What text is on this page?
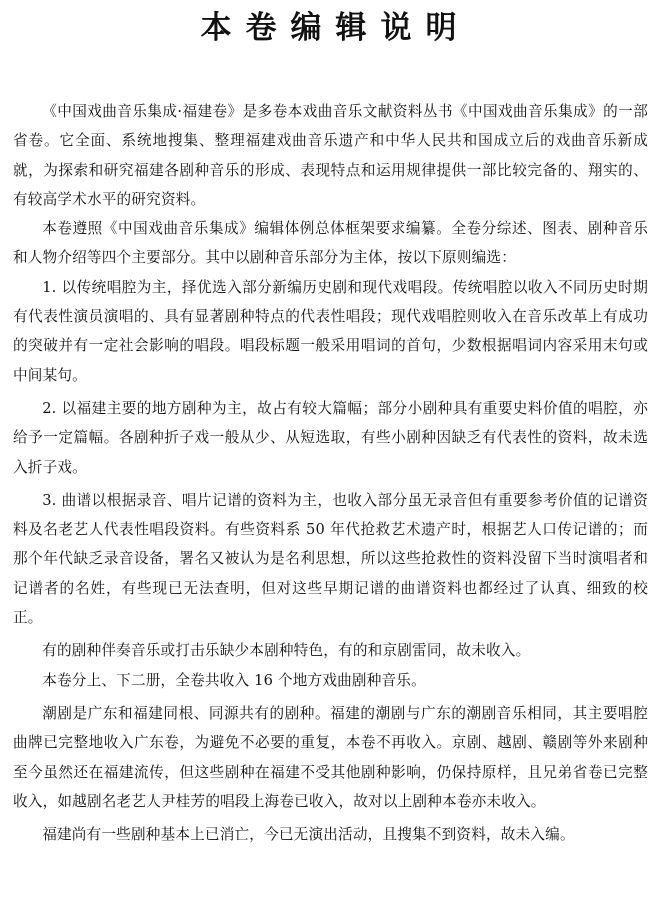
本卷编辑说明

《中国戏曲音乐集成·福建卷》是多卷本戏曲音乐文献资料丛书《中国戏曲音乐集成》的一部省卷。它全面、系统地搜集、整理福建戏曲音乐遗产和中华人民共和国成立后的戏曲音乐新成就，为探索和研究福建各剧种音乐的形成、表现特点和运用规律提供一部比较完备的、翔实的、有较高学术水平的研究资料。

本卷遵照《中国戏曲音乐集成》编辑体例总体框架要求编纂。全卷分综述、图表、剧种音乐和人物介绍等四个主要部分。其中以剧种音乐部分为主体，按以下原则编选：

1. 以传统唱腔为主，择优选入部分新编历史剧和现代戏唱段。传统唱腔以收入不同历史时期有代表性演员演唱的、具有显著剧种特点的代表性唱段；现代戏唱腔则收入在音乐改革上有成功的突破并有一定社会影响的唱段。唱段标题一般采用唱词的首句，少数根据唱词内容采用末句或中间某句。

2. 以福建主要的地方剧种为主，故占有较大篇幅；部分小剧种具有重要史料价值的唱腔，亦给予一定篇幅。各剧种折子戏一般从少、从短选取，有些小剧种因缺乏有代表性的资料，故未选入折子戏。

3. 曲谱以根据录音、唱片记谱的资料为主，也收入部分虽无录音但有重要参考价值的记谱资料及名老艺人代表性唱段资料。有些资料系 50 年代抢救艺术遗产时，根据艺人口传记谱的；而那个年代缺乏录音设备，署名又被认为是名利思想，所以这些抢救性的资料没留下当时演唱者和记谱者的名姓，有些现已无法查明，但对这些早期记谱的曲谱资料也都经过了认真、细致的校正。

有的剧种伴奏音乐或打击乐缺少本剧种特色，有的和京剧雷同，故未收入。

本卷分上、下二册，全卷共收入 16 个地方戏曲剧种音乐。

潮剧是广东和福建同根、同源共有的剧种。福建的潮剧与广东的潮剧音乐相同，其主要唱腔曲牌已完整地收入广东卷，为避免不必要的重复，本卷不再收入。京剧、越剧、赣剧等外来剧种至今虽然还在福建流传，但这些剧种在福建不受其他剧种影响，仍保持原样，且兄弟省卷已完整收入，如越剧名老艺人尹桂芳的唱段上海卷已收入，故对以上剧种本卷亦未收入。

福建尚有一些剧种基本上已消亡，今已无演出活动，且搜集不到资料，故未入编。
